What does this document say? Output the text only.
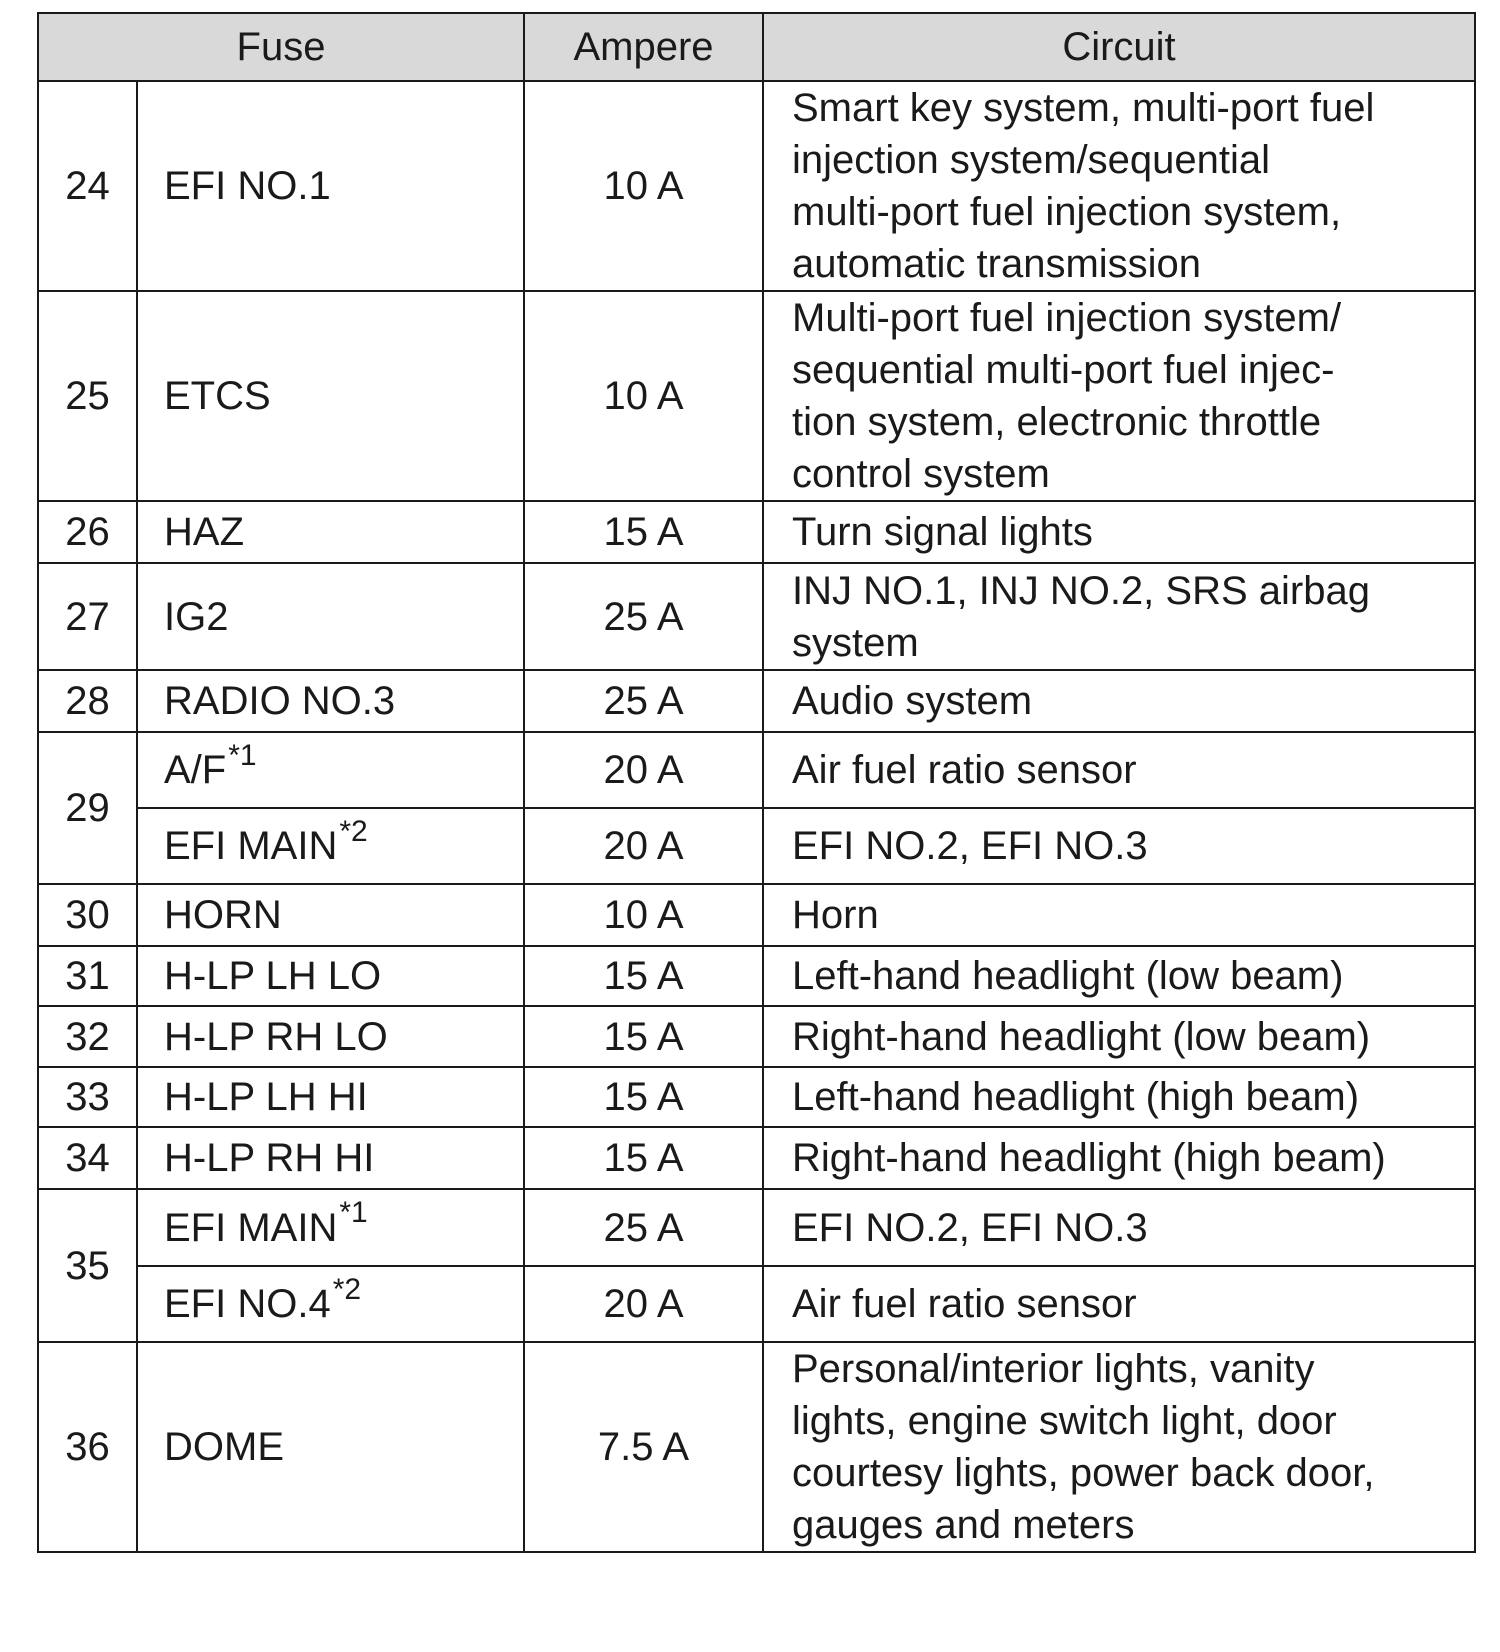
Fuse		Ampere	Circuit
24	EFI NO.1	10 A	Smart key system, multi-port fuel
injection system/sequential
multi-port fuel injection system,
automatic transmission

25	ETCS	10 A	Multi-port fuel injection system/
sequential multi-port fuel injec-
tion system, electronic throttle
control system

26	HAZ	15 A	Turn signal lights

27	IG2	25 A	INJ NO.1, INJ NO.2, SRS airbag
system

28	RADIO NO.3	25 A	Audio system

29	$A/F^{*1}$	20 A	Air fuel ratio sensor

	EFI MAIN$^{*2}$	20 A	EFI NO.2, EFI NO.3

30	HORN	10 A	Horn

31	H-LP LH LO	15 A	Left-hand headlight (low beam)

32	H-LP RH LO	15 A	Right-hand headlight (low beam)

33	H-LP LH HI	15 A	Left-hand headlight (high beam)

34	H-LP RH HI	15 A	Right-hand headlight (high beam)

35	EFI MAIN$^{*1}$	25 A	EFI NO.2, EFI NO.3

	EFI NO.4$^{*2}$	20 A	Air fuel ratio sensor

36	DOME	7.5 A	Personal/interior lights, vanity
lights, engine switch light, door
courtesy lights, power back door,
gauges and meters
